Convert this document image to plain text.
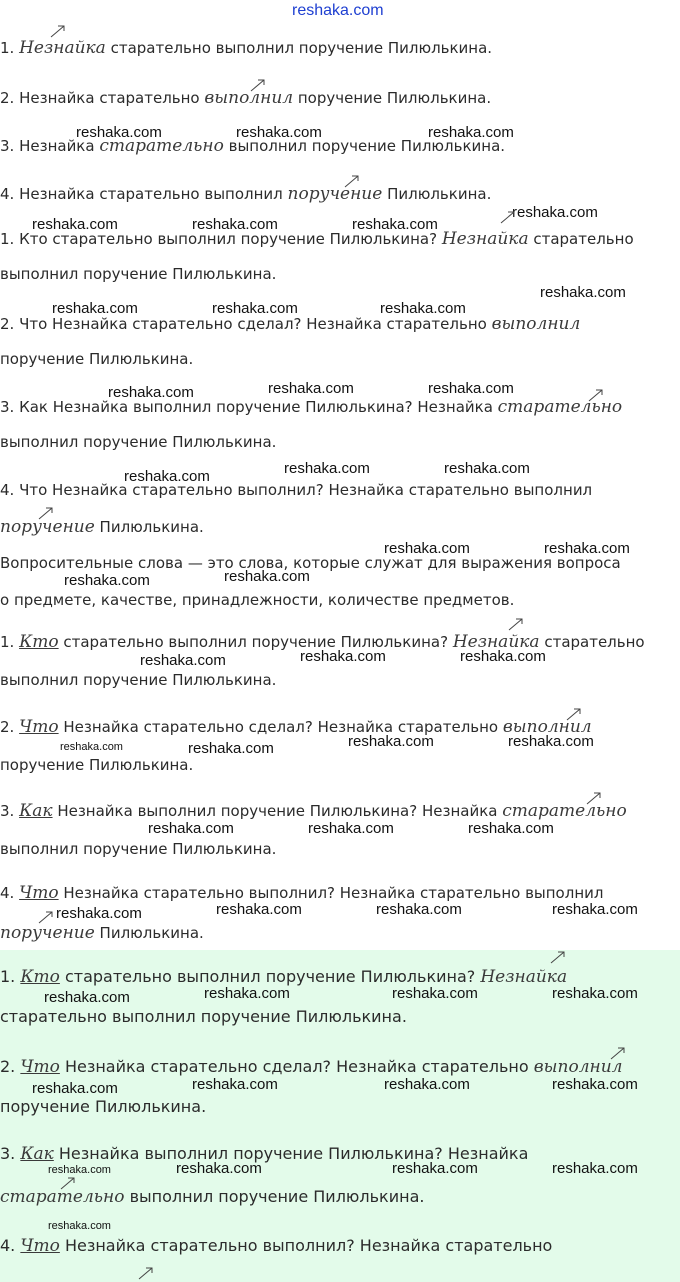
1. Незнайка старательно выполнил поручение Пилюлькина.
2. Незнайка старательно выполнил поручение Пилюлькина.
3. Незнайка старательно выполнил поручение Пилюлькина.
4. Незнайка старательно выполнил поручение Пилюлькина.
1. Кто старательно выполнил поручение Пилюлькина? Незнайка старательно
выполнил поручение Пилюлькина.
2. Что Незнайка старательно сделал? Незнайка старательно выполнил
поручение Пилюлькина.
3. Как Незнайка выполнил поручение Пилюлькина? Незнайка старательно
выполнил поручение Пилюлькина.
4. Что Незнайка старательно выполнил? Незнайка старательно выполнил
поручение Пилюлькина.
Вопросительные слова — это слова, которые служат для выражения вопроса
о предмете, качестве, принадлежности, количестве предметов.
1. Кто старательно выполнил поручение Пилюлькина? Незнайка старательно
выполнил поручение Пилюлькина.
2. Что Незнайка старательно сделал? Незнайка старательно выполнил
поручение Пилюлькина.
3. Как Незнайка выполнил поручение Пилюлькина? Незнайка старательно
выполнил поручение Пилюлькина.
4. Что Незнайка старательно выполнил? Незнайка старательно выполнил
поручение Пилюлькина.
1. Кто старательно выполнил поручение Пилюлькина? Незнайка
старательно выполнил поручение Пилюлькина.
2. Что Незнайка старательно сделал? Незнайка старательно выполнил
поручение Пилюлькина.
3. Как Незнайка выполнил поручение Пилюлькина? Незнайка
старательно выполнил поручение Пилюлькина.
4. Что Незнайка старательно выполнил? Незнайка старательно
reshaka.com
reshaka.com	reshaka.com	reshaka.com
reshaka.com	reshaka.com	reshaka.com
reshaka.com
reshaka.com	reshaka.com	reshaka.com
reshaka.com
reshaka.com	reshaka.com	reshaka.com
reshaka.com	reshaka.com	reshaka.com
reshaka.com	reshaka.com
reshaka.com	reshaka.com
reshaka.com	reshaka.com	reshaka.com
reshaka.com	reshaka.com	reshaka.com	reshaka.com
reshaka.com	reshaka.com	reshaka.com
reshaka.com	reshaka.com	reshaka.com	reshaka.com
reshaka.com	reshaka.com	reshaka.com	reshaka.com
reshaka.com	reshaka.com	reshaka.com	reshaka.com
reshaka.com	reshaka.com	reshaka.com	reshaka.com
reshaka.com
